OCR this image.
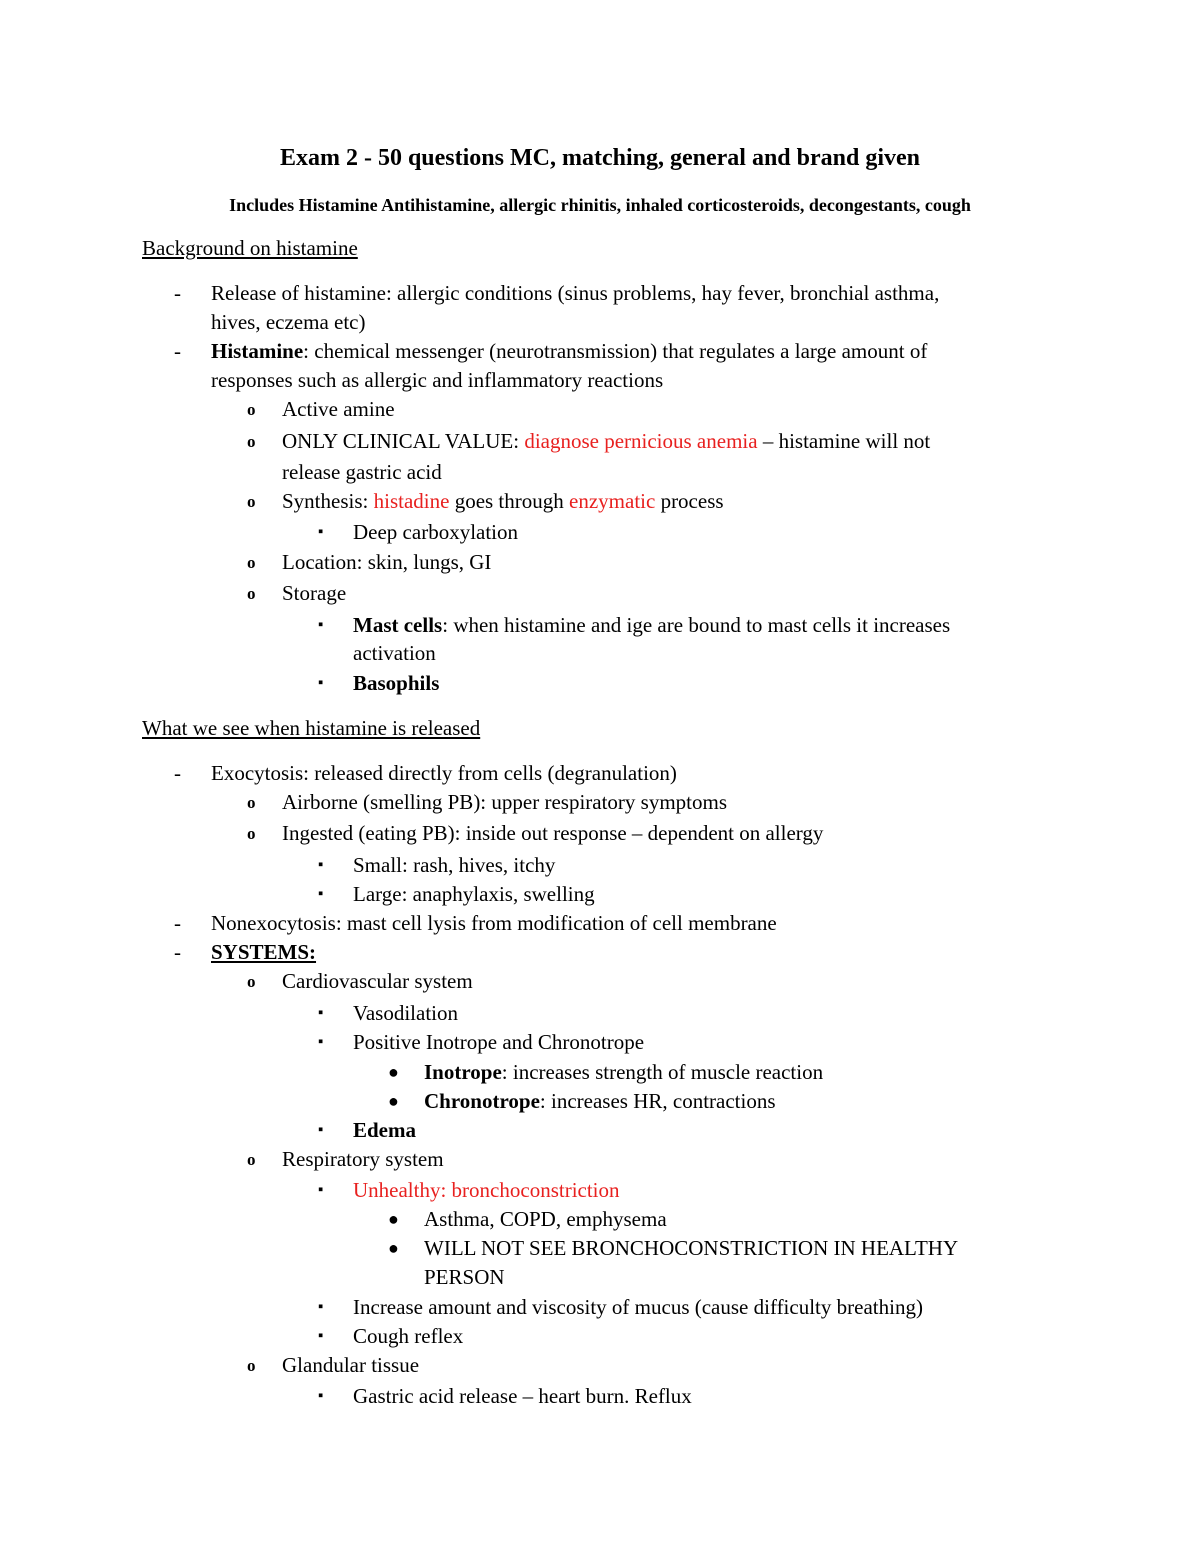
Exam 2 - 50 questions MC, matching, general and brand given

Includes Histamine Antihistamine, allergic rhinitis, inhaled corticosteroids, decongestants, cough

Background on histamine

- Release of histamine: allergic conditions (sinus problems, hay fever, bronchial asthma,

hives, eczema etc)

- Histamine: chemical messenger (neurotransmission) that regulates a large amount of

responses such as allergic and inflammatory reactions

o Active amine

o ONLY CLINICAL VALUE: diagnose pernicious anemia – histamine will not

release gastric acid

o Synthesis: histadine goes through enzymatic process

▪ Deep carboxylation

o Location: skin, lungs, GI

o Storage

▪ Mast cells: when histamine and ige are bound to mast cells it increases

activation

▪ Basophils

What we see when histamine is released

- Exocytosis: released directly from cells (degranulation)

o Airborne (smelling PB): upper respiratory symptoms

o Ingested (eating PB): inside out response – dependent on allergy

▪ Small: rash, hives, itchy

▪ Large: anaphylaxis, swelling

- Nonexocytosis: mast cell lysis from modification of cell membrane

- SYSTEMS:

o Cardiovascular system

▪ Vasodilation

▪ Positive Inotrope and Chronotrope

● Inotrope: increases strength of muscle reaction

● Chronotrope: increases HR, contractions

▪ Edema

o Respiratory system

▪ Unhealthy: bronchoconstriction

● Asthma, COPD, emphysema

● WILL NOT SEE BRONCHOCONSTRICTION IN HEALTHY

PERSON

▪ Increase amount and viscosity of mucus (cause difficulty breathing)

▪ Cough reflex

o Glandular tissue

▪ Gastric acid release – heart burn. Reflux
